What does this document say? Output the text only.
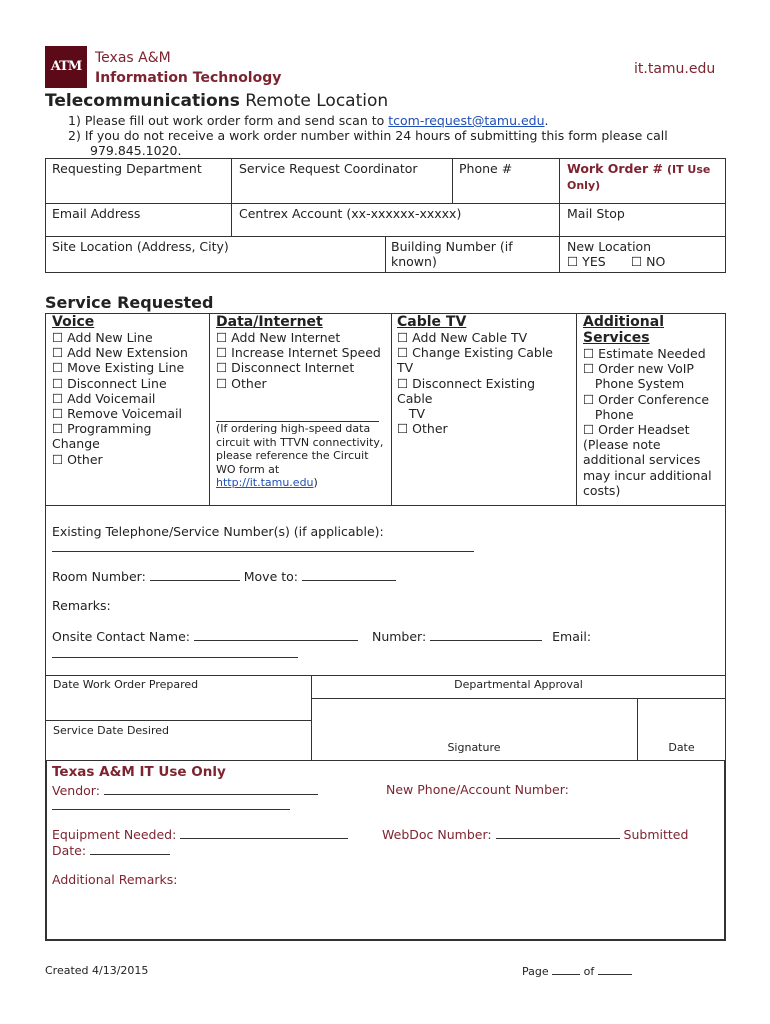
ATM
Texas A&M
Information Technology
it.tamu.edu
Telecommunications Remote Location
1) Please fill out work order form and send scan to tcom-request@tamu.edu.
2) If you do not receive a work order number within 24 hours of submitting this form please call
979.845.1020.
Requesting Department	Service Request Coordinator	Phone #	Work Order # (IT Use Only)
Email Address	Centrex Account (xx-xxxxxx-xxxxx)	Mail Stop
Site Location (Address, City)	Building Number (if known)
New Location
☐ YES ☐ NO
Service Requested
Voice
☐ Add New Line
☐ Add New Extension
☐ Move Existing Line
☐ Disconnect Line
☐ Add Voicemail
☐ Remove Voicemail
☐ Programming
Change
☐ Other
Data/Internet
☐ Add New Internet
☐ Increase Internet Speed
☐ Disconnect Internet
☐ Other
(If ordering high-speed data circuit with TTVN connectivity, please reference the Circuit WO form at http://it.tamu.edu)
Cable TV
☐ Add New Cable TV
☐ Change Existing Cable
TV
☐ Disconnect Existing
Cable
TV
☐ Other
Additional
Services
☐ Estimate Needed
☐ Order new VoIP
Phone System
☐ Order Conference
Phone
☐ Order Headset
(Please note
additional services
may incur additional
costs)
Existing Telephone/Service Number(s) (if applicable):
Room Number:	Move to:
Remarks:
Onsite Contact Name:	Number:	Email:
Date Work Order Prepared	Departmental Approval
Service Date Desired
Signature	Date
Texas A&M IT Use Only
Vendor:	New Phone/Account Number:
Equipment Needed:	WebDoc Number:	Submitted
Date:
Additional Remarks:
Created 4/13/2015	Page	of
